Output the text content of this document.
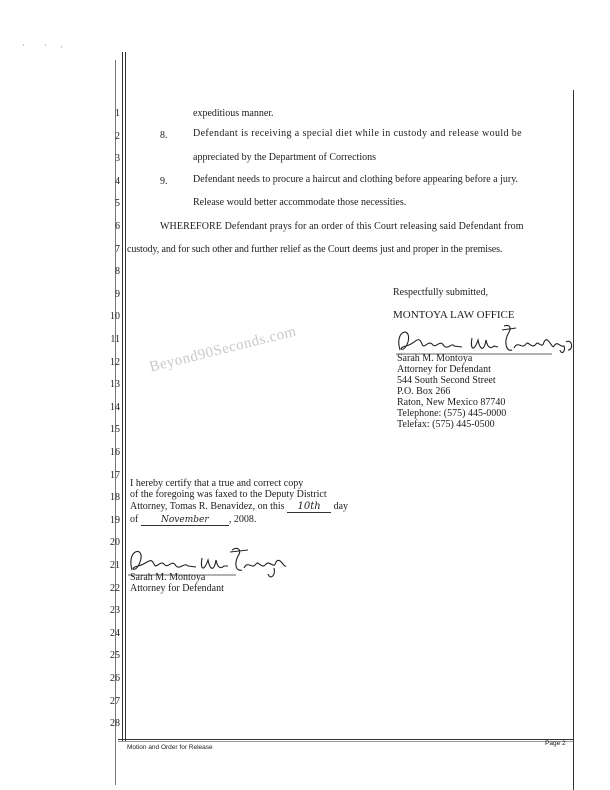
· · ·
1
2
3
4
5
6
7
8
9
10
11
12
13
14
15
16
17
18
19
20
21
22
23
24
25
26
27
28
Beyond90Seconds.com
expeditious manner.
8.	Defendant is receiving a special diet while in custody and release would be
appreciated by the Department of Corrections
9.	Defendant needs to procure a haircut and clothing before appearing before a jury.
Release would better accommodate those necessities.
WHEREFORE Defendant prays for an order of this Court releasing said Defendant from
custody, and for such other and further relief as the Court deems just and proper in the premises.
Respectfully submitted,
MONTOYA LAW OFFICE
Sarah M. Montoya
Attorney for Defendant
544 South Second Street
P.O. Box 266
Raton, New Mexico 87740
Telephone: (575) 445-0000
Telefax: (575) 445-0500
I hereby certify that a true and correct copy
of the foregoing was faxed to the Deputy District
Attorney, Tomas R. Benavidez, on this 10th day
of	November , 2008.
Sarah M. Montoya
Attorney for Defendant
Motion and Order for Release
Page 2
